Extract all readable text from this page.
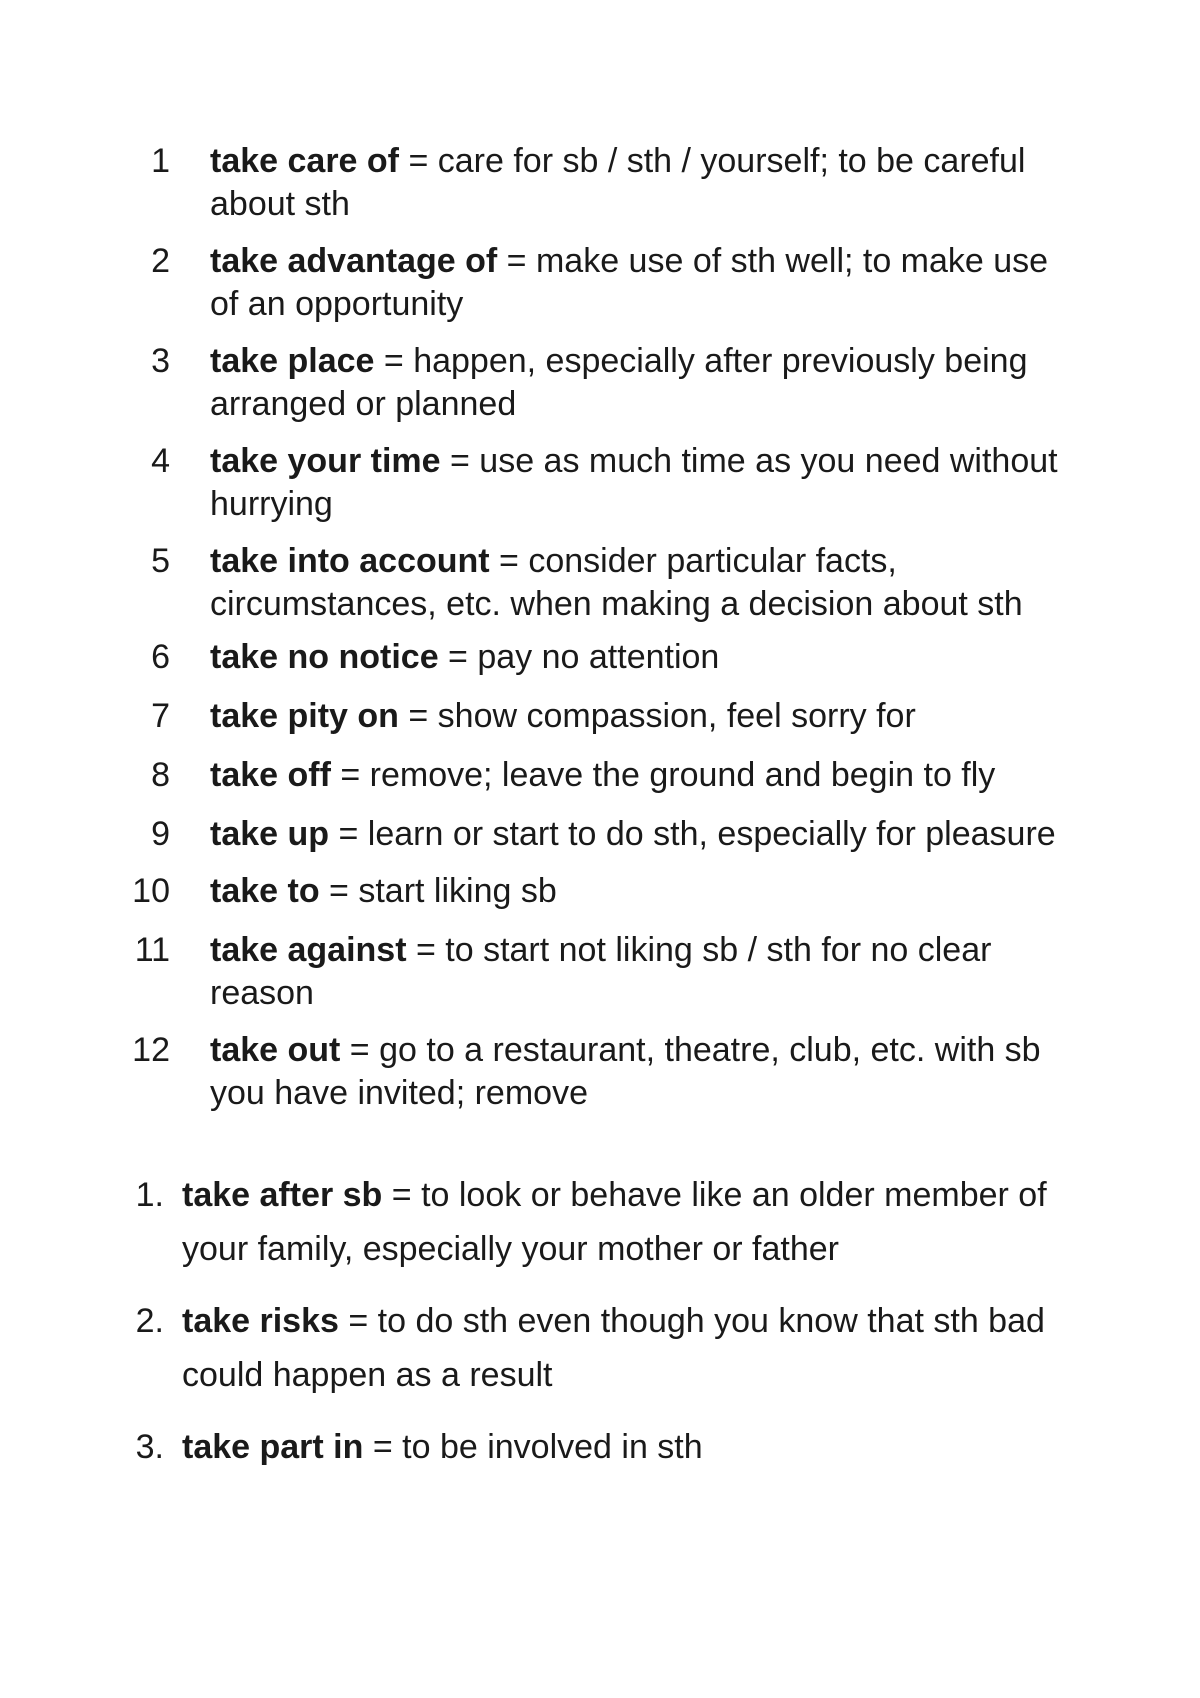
1 take care of = care for sb / sth / yourself; to be careful about sth
2 take advantage of = make use of sth well; to make use of an opportunity
3 take place = happen, especially after previously being arranged or planned
4 take your time = use as much time as you need without hurrying
5 take into account = consider particular facts, circumstances, etc. when making a decision about sth
6 take no notice = pay no attention
7 take pity on = show compassion, feel sorry for
8 take off = remove; leave the ground and begin to fly
9 take up = learn or start to do sth, especially for pleasure
10 take to = start liking sb
11 take against = to start not liking sb / sth for no clear reason
12 take out = go to a restaurant, theatre, club, etc. with sb you have invited; remove
1. take after sb = to look or behave like an older member of your family, especially your mother or father
2. take risks = to do sth even though you know that sth bad could happen as a result
3. take part in = to be involved in sth
